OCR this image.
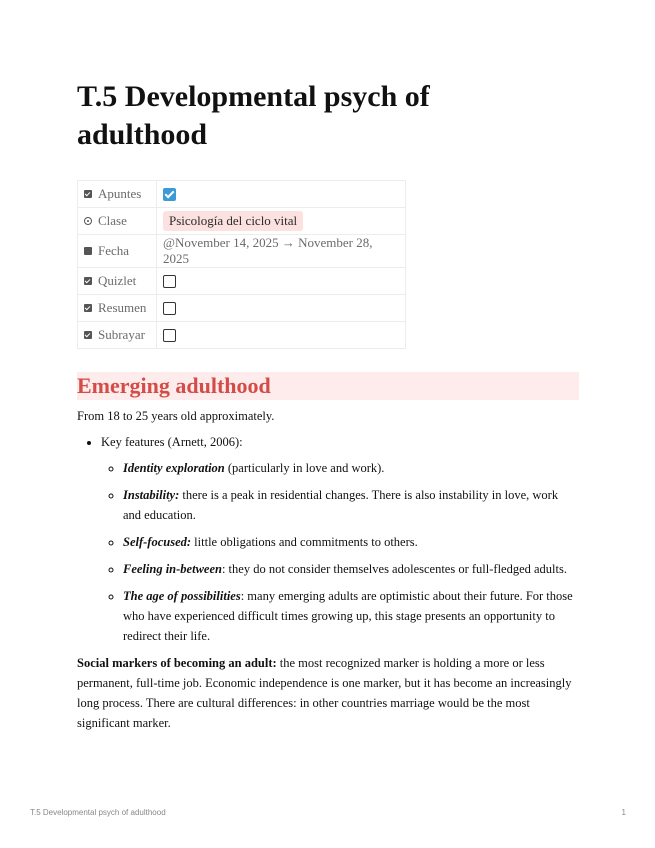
T.5 Developmental psych of adulthood
Apuntes	
Clase	Psicología del ciclo vital
Fecha	@November 14, 2025 → November 28, 2025
Quizlet	
Resumen	
Subrayar	
Emerging adulthood

From 18 to 25 years old approximately.

• Key features (Arnett, 2006):
◦ Identity exploration (particularly in love and work).
◦ Instability: there is a peak in residential changes. There is also instability in love, work and education.
◦ Self-focused: little obligations and commitments to others.
◦ Feeling in-between: they do not consider themselves adolescentes or full-fledged adults.
◦ The age of possibilities: many emerging adults are optimistic about their future. For those who have experienced difficult times growing up, this stage presents an opportunity to redirect their life.

Social markers of becoming an adult: the most recognized marker is holding a more or less permanent, full-time job. Economic independence is one marker, but it has become an increasingly long process. There are cultural differences: in other countries marriage would be the most significant marker.

T.5 Developmental psych of adulthood	1
